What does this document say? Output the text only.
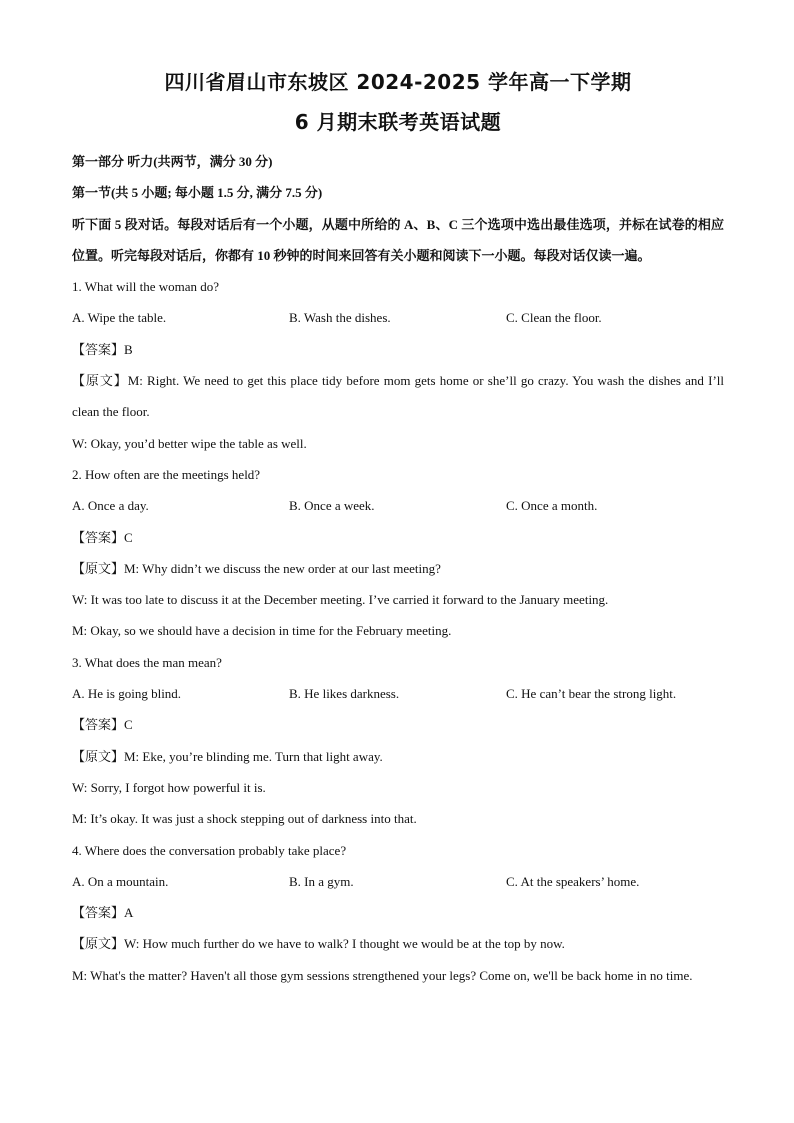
四川省眉山市东坡区 2024-2025 学年高一下学期
6 月期末联考英语试题
第一部分 听力(共两节，满分 30 分)
第一节(共 5 小题; 每小题 1.5 分, 满分 7.5 分)
听下面 5 段对话。每段对话后有一个小题，从题中所给的 A、B、C 三个选项中选出最佳选项，并标在试卷的相应位置。听完每段对话后，你都有 10 秒钟的时间来回答有关小题和阅读下一小题。每段对话仅读一遍。
1. What will the woman do?
A. Wipe the table.	B. Wash the dishes.	C. Clean the floor.
【答案】B
【原文】M: Right. We need to get this place tidy before mom gets home or she’ll go crazy. You wash the dishes and I’ll clean the floor.
W: Okay, you’d better wipe the table as well.
2. How often are the meetings held?
A. Once a day.	B. Once a week.	C. Once a month.
【答案】C
【原文】M: Why didn’t we discuss the new order at our last meeting?
W: It was too late to discuss it at the December meeting. I’ve carried it forward to the January meeting.
M: Okay, so we should have a decision in time for the February meeting.
3. What does the man mean?
A. He is going blind.	B. He likes darkness.	C. He can’t bear the strong light.
【答案】C
【原文】M: Eke, you’re blinding me. Turn that light away.
W: Sorry, I forgot how powerful it is.
M: It’s okay. It was just a shock stepping out of darkness into that.
4. Where does the conversation probably take place?
A. On a mountain.	B. In a gym.	C. At the speakers’ home.
【答案】A
【原文】W: How much further do we have to walk? I thought we would be at the top by now.
M: What's the matter? Haven't all those gym sessions strengthened your legs? Come on, we'll be back home in no time.
